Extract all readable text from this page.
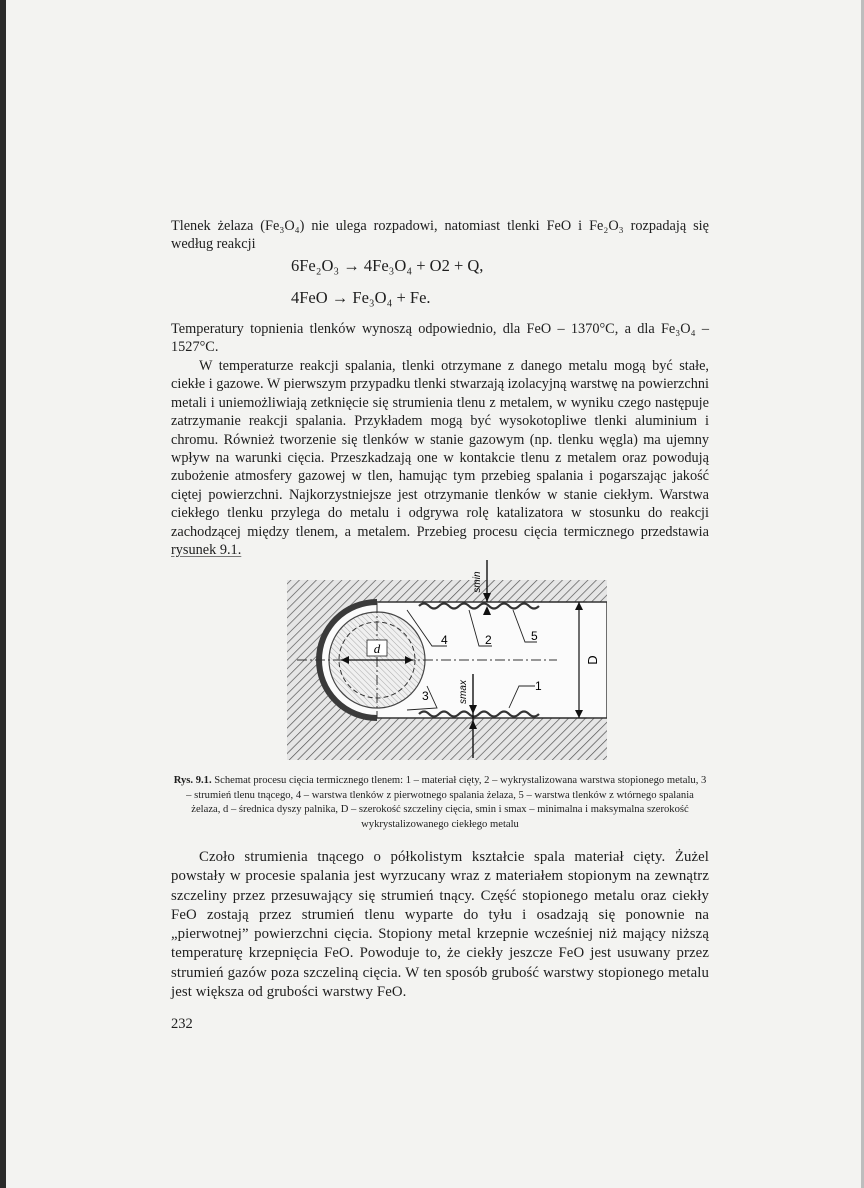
Tlenek żelaza (Fe₃O₄) nie ulega rozpadowi, natomiast tlenki FeO i Fe₂O₃ rozpadają się według reakcji

6Fe₂O₃ → 4Fe₃O₄ + O2 + Q,
4FeO → Fe₃O₄ + Fe.

Temperatury topnienia tlenków wynoszą odpowiednio, dla FeO – 1370°C, a dla Fe₃O₄ – 1527°C.

W temperaturze reakcji spalania, tlenki otrzymane z danego metalu mogą być stałe, ciekłe i gazowe. W pierwszym przypadku tlenki stwarzają izolacyjną warstwę na powierzchni metali i uniemożliwiają zetknięcie się strumienia tlenu z metalem, w wyniku czego następuje zatrzymanie reakcji spalania. Przykładem mogą być wysokotopliwe tlenki aluminium i chromu. Również tworzenie się tlenków w stanie gazowym (np. tlenku węgla) ma ujemny wpływ na warunki cięcia. Przeszkadzają one w kontakcie tlenu z metalem oraz powodują zubożenie atmosfery gazowej w tlen, hamując tym przebieg spalania i pogarszając jakość ciętej powierzchni. Najkorzystniejsze jest otrzymanie tlenków w stanie ciekłym. Warstwa ciekłego tlenku przylega do metalu i odgrywa rolę katalizatora w stosunku do reakcji zachodzącej między tlenem, a metalem. Przebieg procesu cięcia termicznego przedstawia rysunek 9.1.

d
D
smin
smax
4	2	5
3
1

Rys. 9.1. Schemat procesu cięcia termicznego tlenem: 1 – materiał cięty, 2 – wykrystalizowana warstwa stopionego metalu, 3 – strumień tlenu tnącego, 4 – warstwa tlenków z pierwotnego spalania żelaza, 5 – warstwa tlenków z wtórnego spalania żelaza, d – średnica dyszy palnika, D – szerokość szczeliny cięcia, smin i smax – minimalna i maksymalna szerokość wykrystalizowanego ciekłego metalu

Czoło strumienia tnącego o półkolistym kształcie spala materiał cięty. Żużel powstały w procesie spalania jest wyrzucany wraz z materiałem stopionym na zewnątrz szczeliny przez przesuwający się strumień tnący. Część stopionego metalu oraz ciekły FeO zostają przez strumień tlenu wyparte do tyłu i osadzają się ponownie na „pierwotnej” powierzchni cięcia. Stopiony metal krzepnie wcześniej niż mający niższą temperaturę krzepnięcia FeO. Powoduje to, że ciekły jeszcze FeO jest usuwany przez strumień gazów poza szczeliną cięcia. W ten sposób grubość warstwy stopionego metalu jest większa od grubości warstwy FeO.

232
